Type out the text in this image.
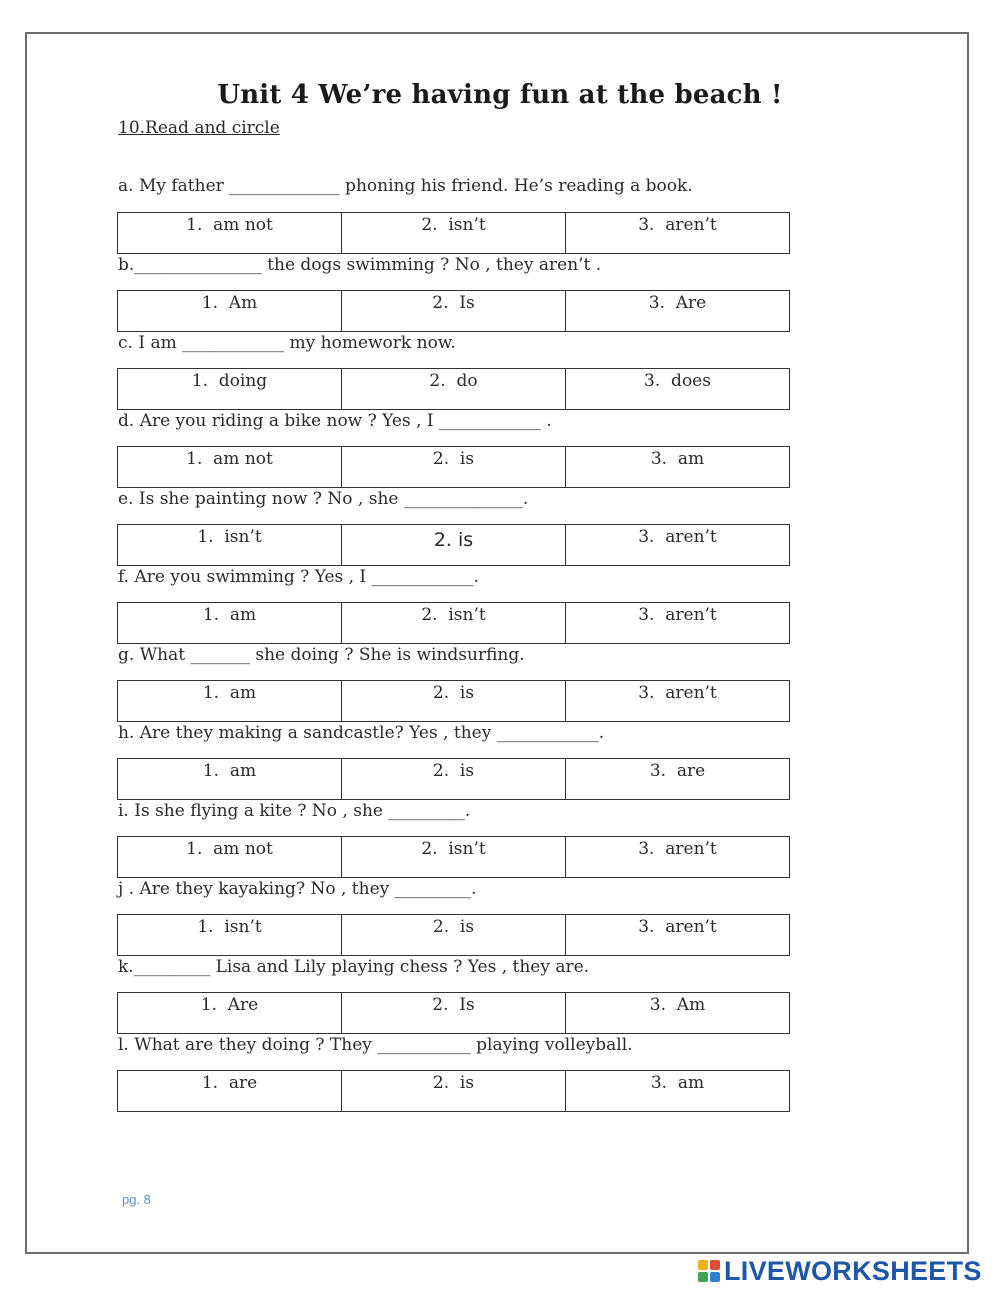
Unit 4 We’re having fun at the beach !
10.Read and circle
a. My father _____________ phoning his friend. He’s reading a book.
1.  am not	2.  isn’t	3.  aren’t
b._______________ the dogs swimming ? No , they aren’t .
1.  Am	2.  Is	3.  Are
c. I am ____________ my homework now.
1.  doing	2.  do	3.  does
d. Are you riding a bike now ? Yes , I ____________ .
1.  am not	2.  is	3.  am
e. Is she painting now ? No , she ______________.
1.  isn’t	2. is	3.  aren’t
f. Are you swimming ? Yes , I ____________.
1.  am	2.  isn’t	3.  aren’t
g. What _______ she doing ? She is windsurfing.
1.  am	2.  is	3.  aren’t
h. Are they making a sandcastle? Yes , they ____________.
1.  am	2.  is	3.  are
i. Is she flying a kite ? No , she _________.
1.  am not	2.  isn’t	3.  aren’t
j . Are they kayaking? No , they _________.
1.  isn’t	2.  is	3.  aren’t
k._________ Lisa and Lily playing chess ? Yes , they are.
1.  Are	2.  Is	3.  Am
l. What are they doing ? They ___________ playing volleyball.
1.  are	2.  is	3.  am
pg. 8
LIVEWORKSHEETS
